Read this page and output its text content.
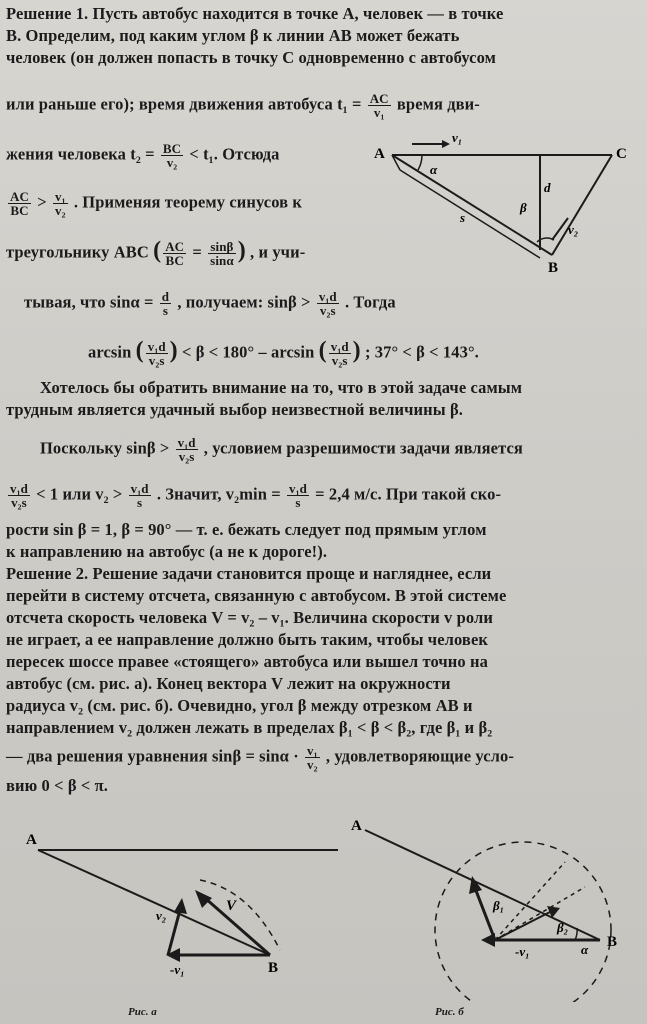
Решение 1. Пусть автобус находится в точке А, человек — в точке
В. Определим, под каким углом β к линии АВ может бежать
человек (он должен попасть в точку С одновременно с автобусом
или раньше его); время движения автобуса $t_1 = \frac{AC}{\text{v₁}}$ время дви-
жения человека $t_2 = \frac{BC}{\text{v₂}} < t_1$. Отсюда
$\frac{AC}{BC} > \frac{\text{v₁}}{\text{v₂}}$ . Применяя теорему синусов к
треугольнику ABC ( $\frac{AC}{BC} = \frac{\sin\beta}{\sin\alpha}$ ) , и учи-
тывая, что $\sin\alpha = \frac{d}{s}$ , получаем: $\sin\beta > \frac{\text{v₁d}}{\text{v₂s}}$ . Тогда
arcsin ( $\frac{\text{v₁d}}{\text{v₂s}}$ ) < β < 180° – arcsin ( $\frac{\text{v₁d}}{\text{v₂s}}$ ) ; 37° < β < 143°.
Хотелось бы обратить внимание на то, что в этой задаче самым
трудным является удачный выбор неизвестной величины β.
Поскольку $\sin\beta > \frac{\text{v₁d}}{\text{v₂s}}$ , условием разрешимости задачи является
$\frac{\text{v₁d}}{\text{v₂s}} < 1$ или $v_2 > \frac{\text{v₁d}}{s}$ . Значит, $v_2\min = \frac{\text{v₁d}}{s} = 2,4$ м/с. При такой ско-
рости sin β = 1, β = 90° — т. е. бежать следует под прямым углом
к направлению на автобус (а не к дороге!).
Решение 2. Решение задачи становится проще и нагляднее, если
перейти в систему отсчета, связанную с автобусом. В этой системе
отсчета скорость человека V = v₂ – v₁. Величина скорости v роли
не играет, а ее направление должно быть таким, чтобы человек
пересек шоссе правее «стоящего» автобуса или вышел точно на
автобус (см. рис. а). Конец вектора V лежит на окружности
радиуса v₂ (см. рис. б). Очевидно, угол β между отрезком АВ и
направлением v₂ должен лежать в пределах β₁ < β < β₂, где β₁ и β₂
— два решения уравнения $\sin\beta = \sin\alpha \cdot \frac{\text{v₁}}{\text{v₂}}$ , удовлетворяющие усло-
вию 0 < β < π.
A	C
B
v₁
α
d
β
s
v₂
A
B
V
v₂
-v₁
Рис. а
A
B
β₁
β₂
-v₁	α
Рис. б
